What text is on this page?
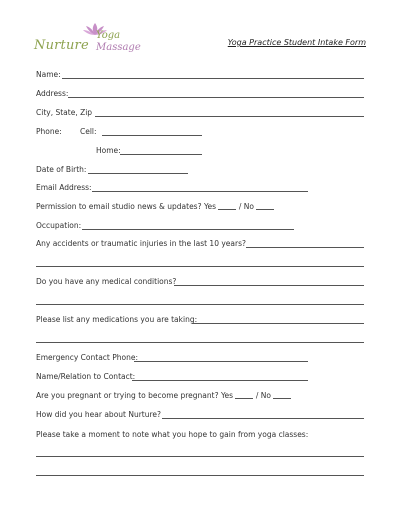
Nurture
Yoga
Massage	Yoga Practice Student Intake Form
Name:
Address:
City, State, Zip
Phone: Cell:
Home:
Date of Birth:
Email Address:
Permission to email studio news & updates? Yes	/ No
Occupation:
Any accidents or traumatic injuries in the last 10 years?
Do you have any medical conditions?
Please list any medications you are taking:
Emergency Contact Phone:
Name/Relation to Contact:
Are you pregnant or trying to become pregnant? Yes	/ No
How did you hear about Nurture?
Please take a moment to note what you hope to gain from yoga classes:
